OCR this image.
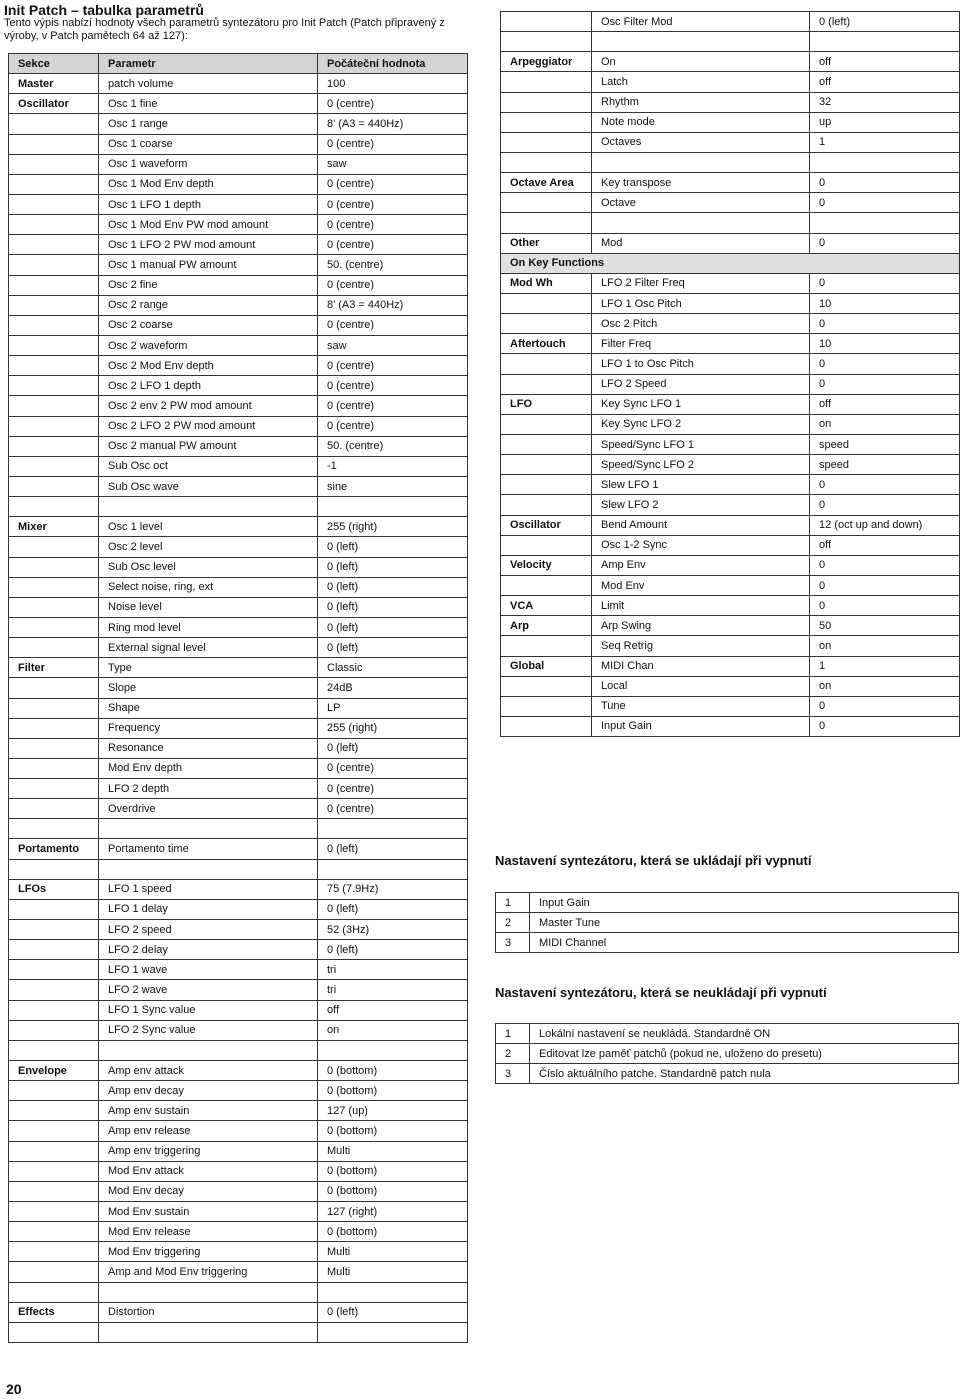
Init Patch – tabulka parametrů
Tento výpis nabízí hodnoty všech parametrů syntezátoru pro Init Patch (Patch připravený z výroby, v Patch pamětech 64 až 127):
Sekce	Parametr	Počáteční hodnota
Master	patch volume	100
Oscillator	Osc 1 fine	0 (centre)
	Osc 1 range	8’ (A3 = 440Hz)
	Osc 1 coarse	0 (centre)
	Osc 1 waveform	saw
	Osc 1 Mod Env depth	0 (centre)
	Osc 1 LFO 1 depth	0 (centre)
	Osc 1 Mod Env PW mod amount	0 (centre)
	Osc 1 LFO 2 PW mod amount	0 (centre)
	Osc 1 manual PW amount	50. (centre)
	Osc 2 fine	0 (centre)
	Osc 2 range	8’ (A3 = 440Hz)
	Osc 2 coarse	0 (centre)
	Osc 2 waveform	saw
	Osc 2 Mod Env depth	0 (centre)
	Osc 2 LFO 1 depth	0 (centre)
	Osc 2 env 2 PW mod amount	0 (centre)
	Osc 2 LFO 2 PW mod amount	0 (centre)
	Osc 2 manual PW amount	50. (centre)
	Sub Osc oct	-1
	Sub Osc wave	sine

Mixer	Osc 1 level	255 (right)
	Osc 2 level	0 (left)
	Sub Osc level	0 (left)
	Select noise, ring, ext	0 (left)
	Noise level	0 (left)
	Ring mod level	0 (left)
	External signal level	0 (left)
Filter	Type	Classic
	Slope	24dB
	Shape	LP
	Frequency	255 (right)
	Resonance	0 (left)
	Mod Env depth	0 (centre)
	LFO 2 depth	0 (centre)
	Overdrive	0 (centre)

Portamento	Portamento time	0 (left)

LFOs	LFO 1 speed	75 (7.9Hz)
	LFO 1 delay	0 (left)
	LFO 2 speed	52 (3Hz)
	LFO 2 delay	0 (left)
	LFO 1 wave	tri
	LFO 2 wave	tri
	LFO 1 Sync value	off
	LFO 2 Sync value	on

Envelope	Amp env attack	0 (bottom)
	Amp env decay	0 (bottom)
	Amp env sustain	127 (up)
	Amp env release	0 (bottom)
	Amp env triggering	Multi
	Mod Env attack	0 (bottom)
	Mod Env decay	0 (bottom)
	Mod Env sustain	127 (right)
	Mod Env release	0 (bottom)
	Mod Env triggering	Multi
	Amp and Mod Env triggering	Multi

Effects	Distortion	0 (left)

	Osc Filter Mod	0 (left)

Arpeggiator	On	off
	Latch	off
	Rhythm	32
	Note mode	up
	Octaves	1

Octave Area	Key transpose	0
	Octave	0

Other	Mod	0
On Key Functions		
Mod Wh	LFO 2 Filter Freq	0
	LFO 1 Osc Pitch	10
	Osc 2 Pitch	0
Aftertouch	Filter Freq	10
	LFO 1 to Osc Pitch	0
	LFO 2 Speed	0
LFO	Key Sync LFO 1	off
	Key Sync LFO 2	on
	Speed/Sync LFO 1	speed
	Speed/Sync LFO 2	speed
	Slew LFO 1	0
	Slew LFO 2	0
Oscillator	Bend Amount	12 (oct up and down)
	Osc 1-2 Sync	off
Velocity	Amp Env	0
	Mod Env	0
VCA	Limit	0
Arp	Arp Swing	50
	Seq Retrig	on
Global	MIDI Chan	1
	Local	on
	Tune	0
	Input Gain	0
Nastavení syntezátoru, která se ukládají při vypnutí
1	Input Gain
2	Master Tune
3	MIDI Channel
Nastavení syntezátoru, která se neukládají při vypnutí
1	Lokální nastavení se neukládá. Standardně ON
2	Editovat lze paměť patchů (pokud ne, uloženo do presetu)
3	Číslo aktuálního patche. Standardně patch nula
20
